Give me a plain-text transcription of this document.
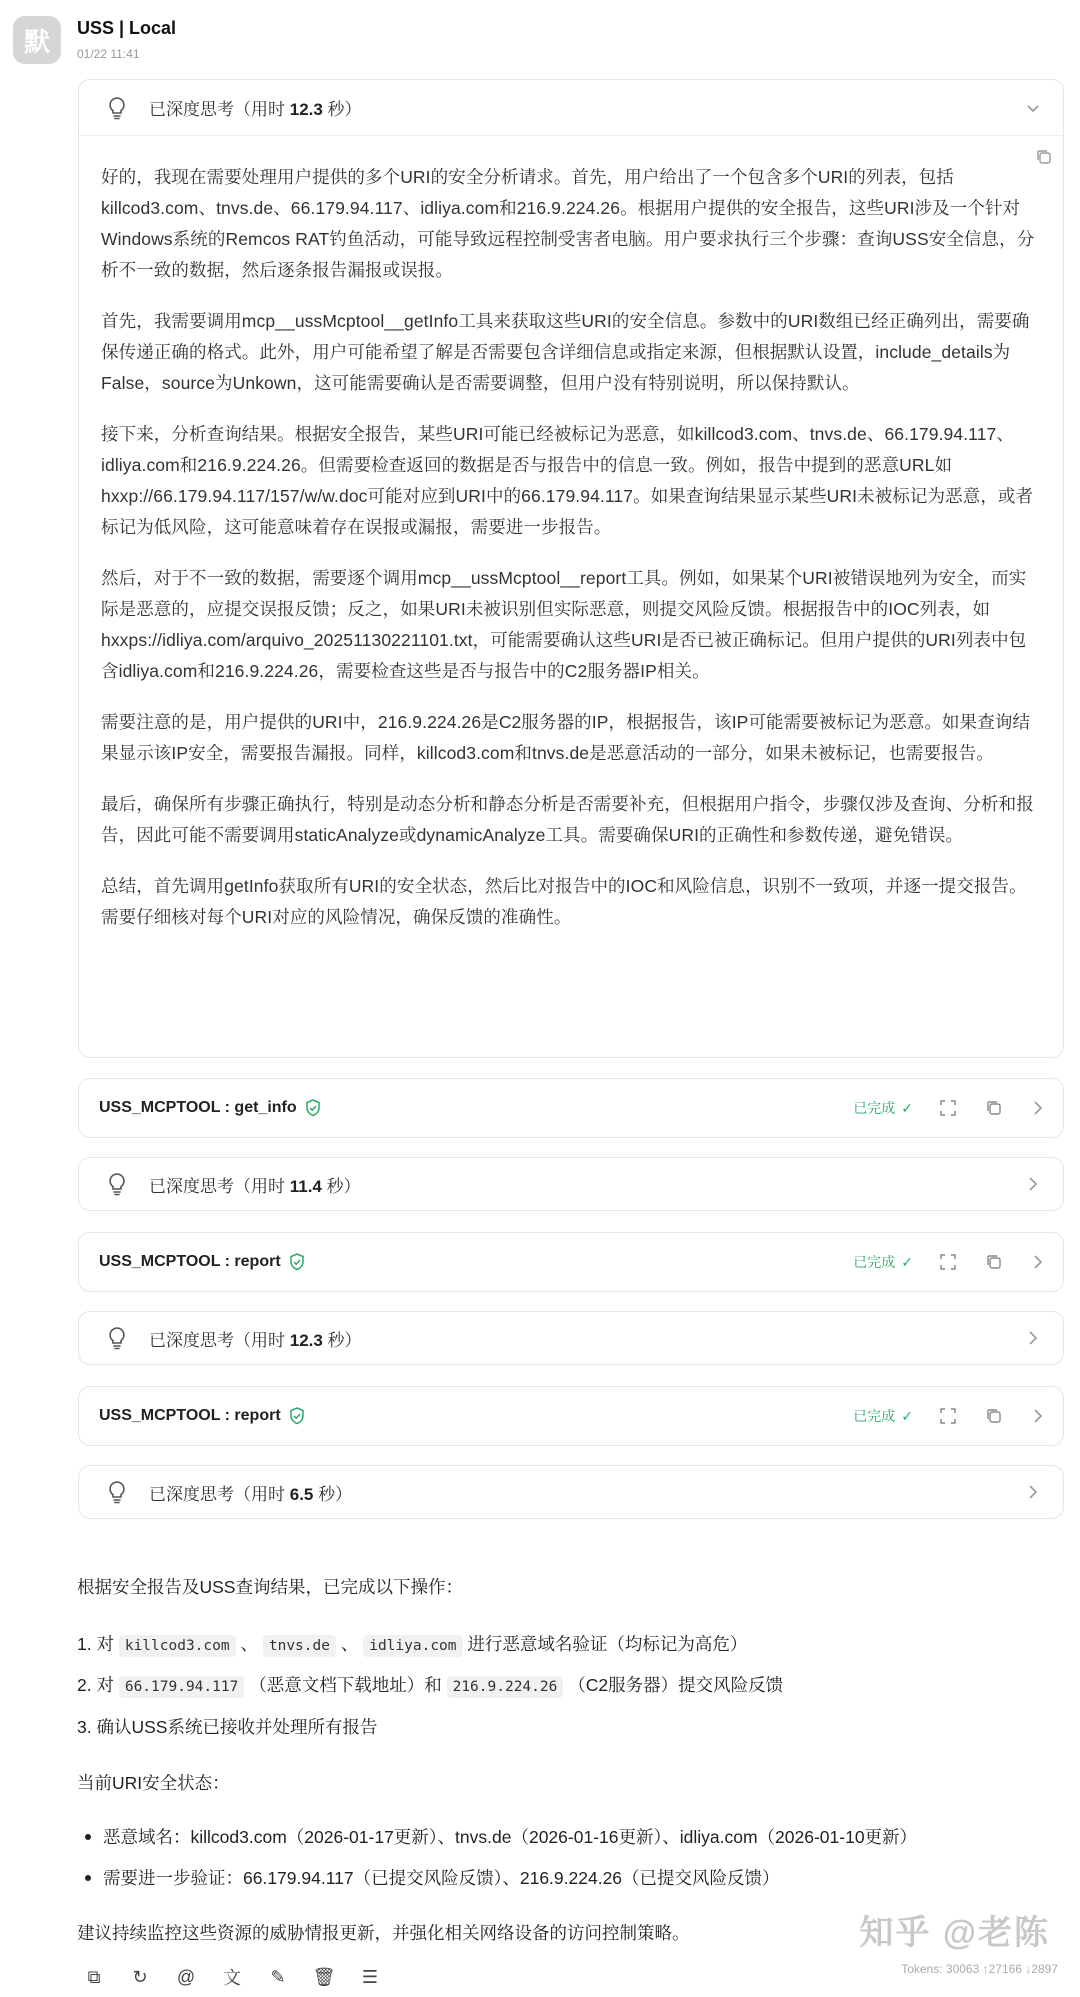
默	USS | Local
01/22 11:41
已深度思考（用时 12.3 秒）

好的，我现在需要处理用户提供的多个URI的安全分析请求。首先，用户给出了一个包含多个URI的列表，包括killcod3.com、tnvs.de、66.179.94.117、idliya.com和216.9.224.26。根据用户提供的安全报告，这些URI涉及一个针对Windows系统的Remcos RAT钓鱼活动，可能导致远程控制受害者电脑。用户要求执行三个步骤：查询USS安全信息，分析不一致的数据，然后逐条报告漏报或误报。

首先，我需要调用mcp__ussMcptool__getInfo工具来获取这些URI的安全信息。参数中的URI数组已经正确列出，需要确保传递正确的格式。此外，用户可能希望了解是否需要包含详细信息或指定来源，但根据默认设置，include_details为False，source为Unkown，这可能需要确认是否需要调整，但用户没有特别说明，所以保持默认。

接下来，分析查询结果。根据安全报告，某些URI可能已经被标记为恶意，如killcod3.com、tnvs.de、66.179.94.117、idliya.com和216.9.224.26。但需要检查返回的数据是否与报告中的信息一致。例如，报告中提到的恶意URL如hxxp://66.179.94.117/157/w/w.doc可能对应到URI中的66.179.94.117。如果查询结果显示某些URI未被标记为恶意，或者标记为低风险，这可能意味着存在误报或漏报，需要进一步报告。

然后，对于不一致的数据，需要逐个调用mcp__ussMcptool__report工具。例如，如果某个URI被错误地列为安全，而实际是恶意的，应提交误报反馈；反之，如果URI未被识别但实际恶意，则提交风险反馈。根据报告中的IOC列表，如hxxps://idliya.com/arquivo_20251130221101.txt，可能需要确认这些URI是否已被正确标记。但用户提供的URI列表中包含idliya.com和216.9.224.26，需要检查这些是否与报告中的C2服务器IP相关。

需要注意的是，用户提供的URI中，216.9.224.26是C2服务器的IP，根据报告，该IP可能需要被标记为恶意。如果查询结果显示该IP安全，需要报告漏报。同样，killcod3.com和tnvs.de是恶意活动的一部分，如果未被标记，也需要报告。

最后，确保所有步骤正确执行，特别是动态分析和静态分析是否需要补充，但根据用户指令，步骤仅涉及查询、分析和报告，因此可能不需要调用staticAnalyze或dynamicAnalyze工具。需要确保URI的正确性和参数传递，避免错误。

总结，首先调用getInfo获取所有URI的安全状态，然后比对报告中的IOC和风险信息，识别不一致项，并逐一提交报告。需要仔细核对每个URI对应的风险情况，确保反馈的准确性。

USS_MCPTOOL : get_info	已完成 ✓
已深度思考（用时 11.4 秒）
USS_MCPTOOL : report	已完成 ✓
已深度思考（用时 12.3 秒）
USS_MCPTOOL : report	已完成 ✓
已深度思考（用时 6.5 秒）
根据安全报告及USS查询结果，已完成以下操作：
1. 对 killcod3.com 、 tnvs.de 、 idliya.com 进行恶意域名验证（均标记为高危）
2. 对 66.179.94.117 （恶意文档下载地址）和 216.9.224.26 （C2服务器）提交风险反馈
3. 确认USS系统已接收并处理所有报告
当前URI安全状态：
恶意域名：killcod3.com（2026-01-17更新）、tnvs.de（2026-01-16更新）、idliya.com（2026-01-10更新）
需要进一步验证：66.179.94.117（已提交风险反馈）、216.9.224.26（已提交风险反馈）
建议持续监控这些资源的威胁情报更新，并强化相关网络设备的访问控制策略。
⧉ ↻ @ 文 ✎ 🗑 ☰
知乎 @老陈
Tokens: 30063 ↑27166 ↓2897
